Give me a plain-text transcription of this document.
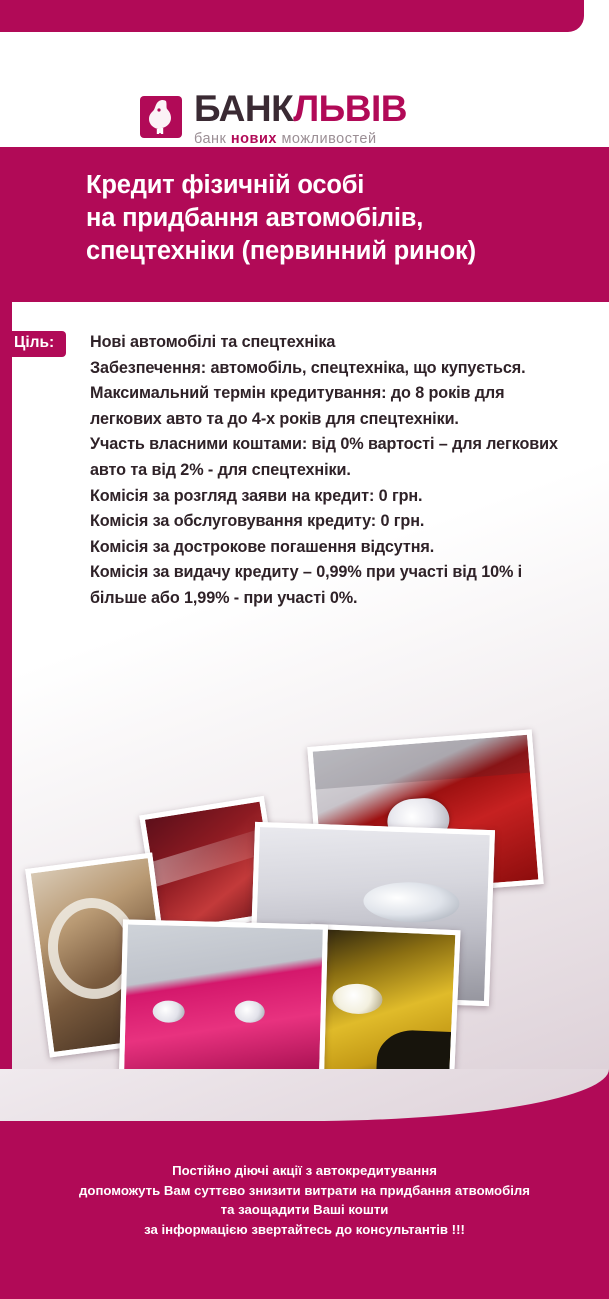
БАНКЛЬВІВ
банк нових можливостей
Кредит фізичній особі
на придбання автомобілів,
спецтехніки (первинний ринок)
Ціль:	Нові автомобілі та спецтехніка

Забезпечення: автомобіль, спецтехніка, що купується.

Максимальний термін кредитування: до 8 років для легкових авто та до 4-х років для спецтехніки.

Участь власними коштами: від 0% вартості – для легкових авто та від 2% - для спецтехніки.

Комісія за розгляд заяви на кредит: 0 грн.

Комісія за обслуговування кредиту: 0 грн.

Комісія за дострокове погашення відсутня.

Комісія за видачу кредиту – 0,99% при участі від 10% і більше або 1,99% - при участі 0%.

Постійно діючі акції з автокредитування
допоможуть Вам суттєво знизити витрати на придбання атвомобіля
та заощадити Ваші кошти
за інформацією звертайтесь до консультантів !!!
